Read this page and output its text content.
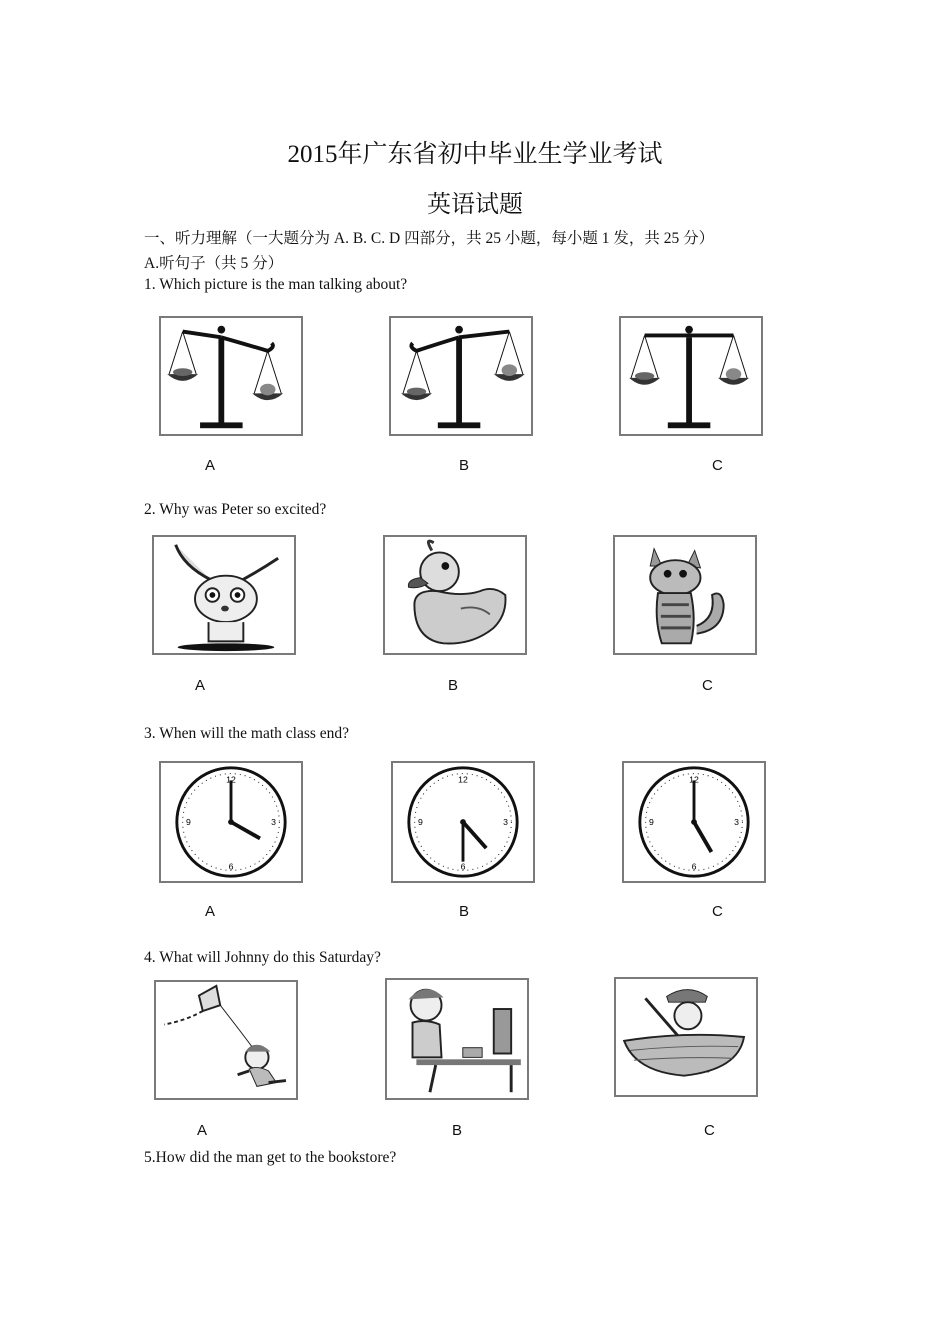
2015年广东省初中毕业生学业考试
英语试题
一、听力理解（一大题分为 A. B. C. D 四部分，共 25 小题，每小题 1 发，共 25 分）
A.听句子（共 5 分）
1. Which picture is the man talking about?
A	B	C
2. Why was Peter so excited?
A	B	C
3. When will the math class end?
12
3
6
9
A
12
3
6
9
B
12
3
6
9
C
4. What will Johnny do this Saturday?
A	B	C
5.How did the man get to the bookstore?
